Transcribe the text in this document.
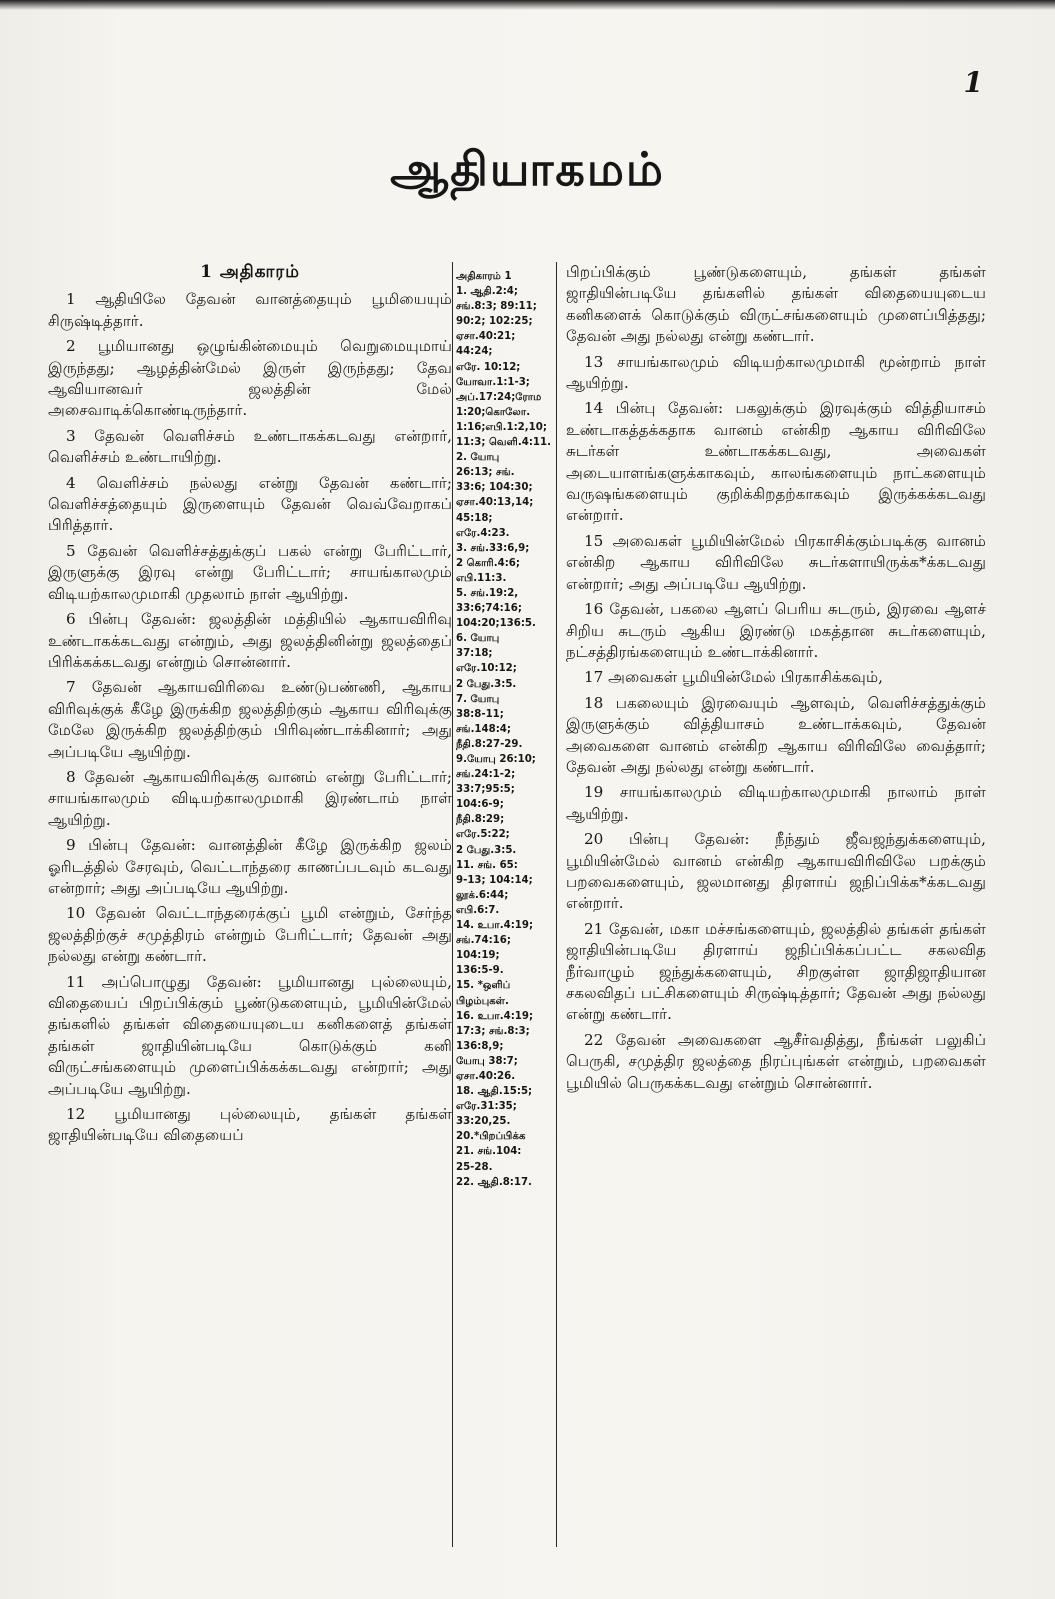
1
ஆதியாகமம்
1 அதிகாரம்

1 ஆதியிலே தேவன் வானத்தையும் பூமியையும் சிருஷ்டித்தார்.

2 பூமியானது ஒழுங்கின்மையும் வெறுமையுமாய் இருந்தது; ஆழத்தின்மேல் இருள் இருந்தது; தேவ ஆவியானவர் ஜலத்தின் மேல் அசைவாடிக்கொண்டிருந்தார்.

3 தேவன் வெளிச்சம் உண்டாகக்கடவது என்றார், வெளிச்சம் உண்டாயிற்று.

4 வெளிச்சம் நல்லது என்று தேவன் கண்டார்; வெளிச்சத்தையும் இருளையும் தேவன் வெவ்வேறாகப் பிரித்தார்.

5 தேவன் வெளிச்சத்துக்குப் பகல் என்று பேரிட்டார், இருளுக்கு இரவு என்று பேரிட்டார்; சாயங்காலமும் விடியற்காலமுமாகி முதலாம் நாள் ஆயிற்று.

6 பின்பு தேவன்: ஜலத்தின் மத்தியில் ஆகாயவிரிவு உண்டாகக்கடவது என்றும், அது ஜலத்தினின்று ஜலத்தைப் பிரிக்கக்கடவது என்றும் சொன்னார்.

7 தேவன் ஆகாயவிரிவை உண்டுபண்ணி, ஆகாய விரிவுக்குக் கீழே இருக்கிற ஜலத்திற்கும் ஆகாய விரிவுக்கு மேலே இருக்கிற ஜலத்திற்கும் பிரிவுண்டாக்கினார்; அது அப்படியே ஆயிற்று.

8 தேவன் ஆகாயவிரிவுக்கு வானம் என்று பேரிட்டார்; சாயங்காலமும் விடியற்காலமுமாகி இரண்டாம் நாள் ஆயிற்று.

9 பின்பு தேவன்: வானத்தின் கீழே இருக்கிற ஜலம் ஓரிடத்தில் சேரவும், வெட்டாந்தரை காணப்படவும் கடவது என்றார்; அது அப்படியே ஆயிற்று.

10 தேவன் வெட்டாந்தரைக்குப் பூமி என்றும், சேர்ந்த ஜலத்திற்குச் சமுத்திரம் என்றும் பேரிட்டார்; தேவன் அது நல்லது என்று கண்டார்.

11 அப்பொழுது தேவன்: பூமியானது புல்லையும், விதையைப் பிறப்பிக்கும் பூண்டுகளையும், பூமியின்மேல் தங்களில் தங்கள் விதையையுடைய கனிகளைத் தங்கள் தங்கள் ஜாதியின்படியே கொடுக்கும் கனி விருட்சங்களையும் முளைப்பிக்கக்கடவது என்றார்; அது அப்படியே ஆயிற்று.

12 பூமியானது புல்லையும், தங்கள் தங்கள் ஜாதியின்படியே விதையைப்

அதிகாரம் 1
1. ஆதி.2:4;
சங்.8:3; 89:11;
90:2; 102:25;
ஏசா.40:21;
44:24;
எரே. 10:12;
யோவா.1:1-3;
அப்.17:24;ரோம
1:20;கொலோ.
1:16;எபி.1:2,10;
11:3; வெளி.4:11.
2. யோபு
26:13; சங்.
33:6; 104:30;
ஏசா.40:13,14;
45:18;
எரே.4:23.
3. சங்.33:6,9;
2 கொரி.4:6;
எபி.11:3.
5. சங்.19:2,
33:6;74:16;
104:20;136:5.
6. யோபு
37:18;
எரே.10:12;
2 பேது.3:5.
7. யோபு
38:8-11;
சங்.148:4;
நீதி.8:27-29.
9.யோபு 26:10;
சங்.24:1-2;
33:7;95:5;
104:6-9;
நீதி.8:29;
எரே.5:22;
2 பேது.3:5.
11. சங். 65:
9-13; 104:14;
லூக்.6:44;
எபி.6:7.
14. உபா.4:19;
சங்.74:16;
104:19;
136:5-9.
15. *ஒளிப்
பிழம்புகள்.
16. உபா.4:19;
17:3; சங்.8:3;
136:8,9;
யோபு 38:7;
ஏசா.40:26.
18. ஆதி.15:5;
எரே.31:35;
33:20,25.
20.*பிறப்பிக்க
21. சங்.104:
25-28.
22. ஆதி.8:17.

பிறப்பிக்கும் பூண்டுகளையும், தங்கள் தங்கள் ஜாதியின்படியே தங்களில் தங்கள் விதையையுடைய கனிகளைக் கொடுக்கும் விருட்சங்களையும் முளைப்பித்தது; தேவன் அது நல்லது என்று கண்டார்.

13 சாயங்காலமும் விடியற்காலமுமாகி மூன்றாம் நாள் ஆயிற்று.

14 பின்பு தேவன்: பகலுக்கும் இரவுக்கும் வித்தியாசம் உண்டாகத்தக்கதாக வானம் என்கிற ஆகாய விரிவிலே சுடர்கள் உண்டாகக்கடவது, அவைகள் அடையாளங்களுக்காகவும், காலங்களையும் நாட்களையும் வருஷங்களையும் குறிக்கிறதற்காகவும் இருக்கக்கடவது என்றார்.

15 அவைகள் பூமியின்மேல் பிரகாசிக்கும்படிக்கு வானம் என்கிற ஆகாய விரிவிலே சுடர்களாயிருக்க*க்கடவது என்றார்; அது அப்படியே ஆயிற்று.

16 தேவன், பகலை ஆளப் பெரிய சுடரும், இரவை ஆளச் சிறிய சுடரும் ஆகிய இரண்டு மகத்தான சுடர்களையும், நட்சத்திரங்களையும் உண்டாக்கினார்.

17 அவைகள் பூமியின்மேல் பிரகாசிக்கவும்,

18 பகலையும் இரவையும் ஆளவும், வெளிச்சத்துக்கும் இருளுக்கும் வித்தியாசம் உண்டாக்கவும், தேவன் அவைகளை வானம் என்கிற ஆகாய விரிவிலே வைத்தார்; தேவன் அது நல்லது என்று கண்டார்.

19 சாயங்காலமும் விடியற்காலமுமாகி நாலாம் நாள் ஆயிற்று.

20 பின்பு தேவன்: நீந்தும் ஜீவஜந்துக்களையும், பூமியின்மேல் வானம் என்கிற ஆகாயவிரிவிலே பறக்கும் பறவைகளையும், ஜலமானது திரளாய் ஜநிப்பிக்க*க்கடவது என்றார்.

21 தேவன், மகா மச்சங்களையும், ஜலத்தில் தங்கள் தங்கள் ஜாதியின்படியே திரளாய் ஜநிப்பிக்கப்பட்ட சகலவித நீர்வாழும் ஜந்துக்களையும், சிறகுள்ள ஜாதிஜாதியான சகலவிதப் பட்சிகளையும் சிருஷ்டித்தார்; தேவன் அது நல்லது என்று கண்டார்.

22 தேவன் அவைகளை ஆசீர்வதித்து, நீங்கள் பலுகிப் பெருகி, சமுத்திர ஜலத்தை நிரப்புங்கள் என்றும், பறவைகள் பூமியில் பெருகக்கடவது என்றும் சொன்னார்.
